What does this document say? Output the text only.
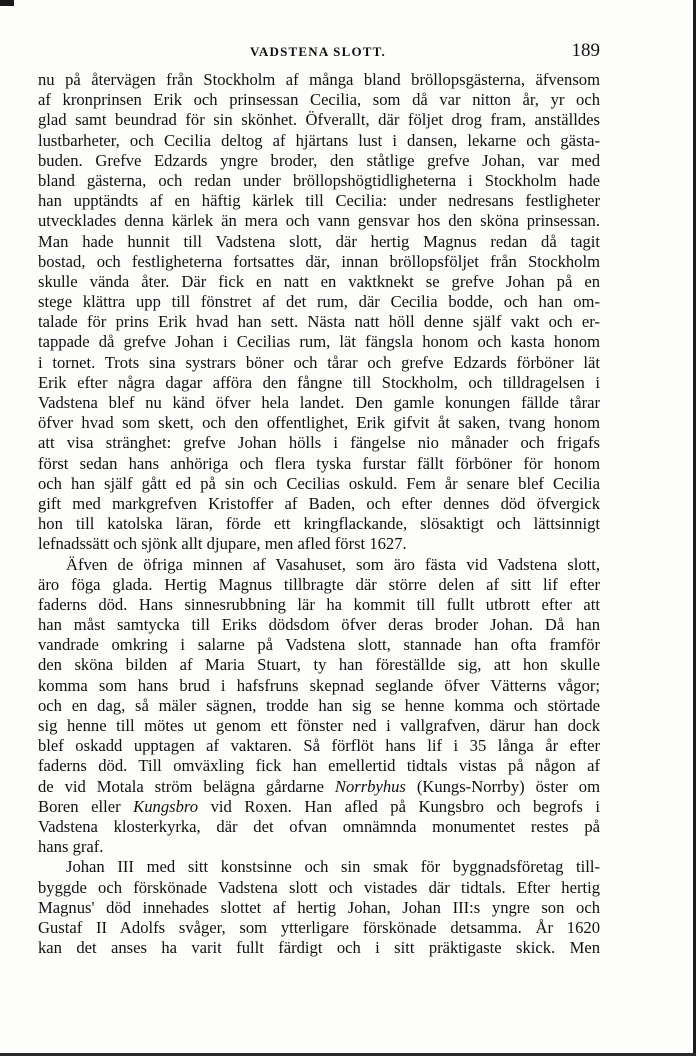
VADSTENA SLOTT.	189
nu på återvägen från Stockholm af många bland bröllopsgästerna, äfvensom
af kronprinsen Erik och prinsessan Cecilia, som då var nitton år, yr och
glad samt beundrad för sin skönhet. Öfverallt, där följet drog fram, anställdes
lustbarheter, och Cecilia deltog af hjärtans lust i dansen, lekarne och gästa-
buden. Grefve Edzards yngre broder, den ståtlige grefve Johan, var med
bland gästerna, och redan under bröllopshögtidligheterna i Stockholm hade
han upptändts af en häftig kärlek till Cecilia: under nedresans festligheter
utvecklades denna kärlek än mera och vann gensvar hos den sköna prinsessan.
Man hade hunnit till Vadstena slott, där hertig Magnus redan då tagit
bostad, och festligheterna fortsattes där, innan bröllopsföljet från Stockholm
skulle vända åter. Där fick en natt en vaktknekt se grefve Johan på en
stege klättra upp till fönstret af det rum, där Cecilia bodde, och han om-
talade för prins Erik hvad han sett. Nästa natt höll denne själf vakt och er-
tappade då grefve Johan i Cecilias rum, lät fängsla honom och kasta honom
i tornet. Trots sina systrars böner och tårar och grefve Edzards förböner lät
Erik efter några dagar afföra den fångne till Stockholm, och tilldragelsen i
Vadstena blef nu känd öfver hela landet. Den gamle konungen fällde tårar
öfver hvad som skett, och den offentlighet, Erik gifvit åt saken, tvang honom
att visa stränghet: grefve Johan hölls i fängelse nio månader och frigafs
först sedan hans anhöriga och flera tyska furstar fällt förböner för honom
och han själf gått ed på sin och Cecilias oskuld. Fem år senare blef Cecilia
gift med markgrefven Kristoffer af Baden, och efter dennes död öfvergick
hon till katolska läran, förde ett kringflackande, slösaktigt och lättsinnigt
lefnadssätt och sjönk allt djupare, men afled först 1627.
Äfven de öfriga minnen af Vasahuset, som äro fästa vid Vadstena slott,
äro föga glada. Hertig Magnus tillbragte där större delen af sitt lif efter
faderns död. Hans sinnesrubbning lär ha kommit till fullt utbrott efter att
han måst samtycka till Eriks dödsdom öfver deras broder Johan. Då han
vandrade omkring i salarne på Vadstena slott, stannade han ofta framför
den sköna bilden af Maria Stuart, ty han föreställde sig, att hon skulle
komma som hans brud i hafsfruns skepnad seglande öfver Vätterns vågor;
och en dag, så mäler sägnen, trodde han sig se henne komma och störtade
sig henne till mötes ut genom ett fönster ned i vallgrafven, därur han dock
blef oskadd upptagen af vaktaren. Så förflöt hans lif i 35 långa år efter
faderns död. Till omväxling fick han emellertid tidtals vistas på någon af
de vid Motala ström belägna gårdarne Norrbyhus (Kungs-Norrby) öster om
Boren eller Kungsbro vid Roxen. Han afled på Kungsbro och begrofs i
Vadstena klosterkyrka, där det ofvan omnämnda monumentet restes på
hans graf.
Johan III med sitt konstsinne och sin smak för byggnadsföretag till-
byggde och förskönade Vadstena slott och vistades där tidtals. Efter hertig
Magnus' död innehades slottet af hertig Johan, Johan III:s yngre son och
Gustaf II Adolfs svåger, som ytterligare förskönade detsamma. År 1620
kan det anses ha varit fullt färdigt och i sitt präktigaste skick. Men
